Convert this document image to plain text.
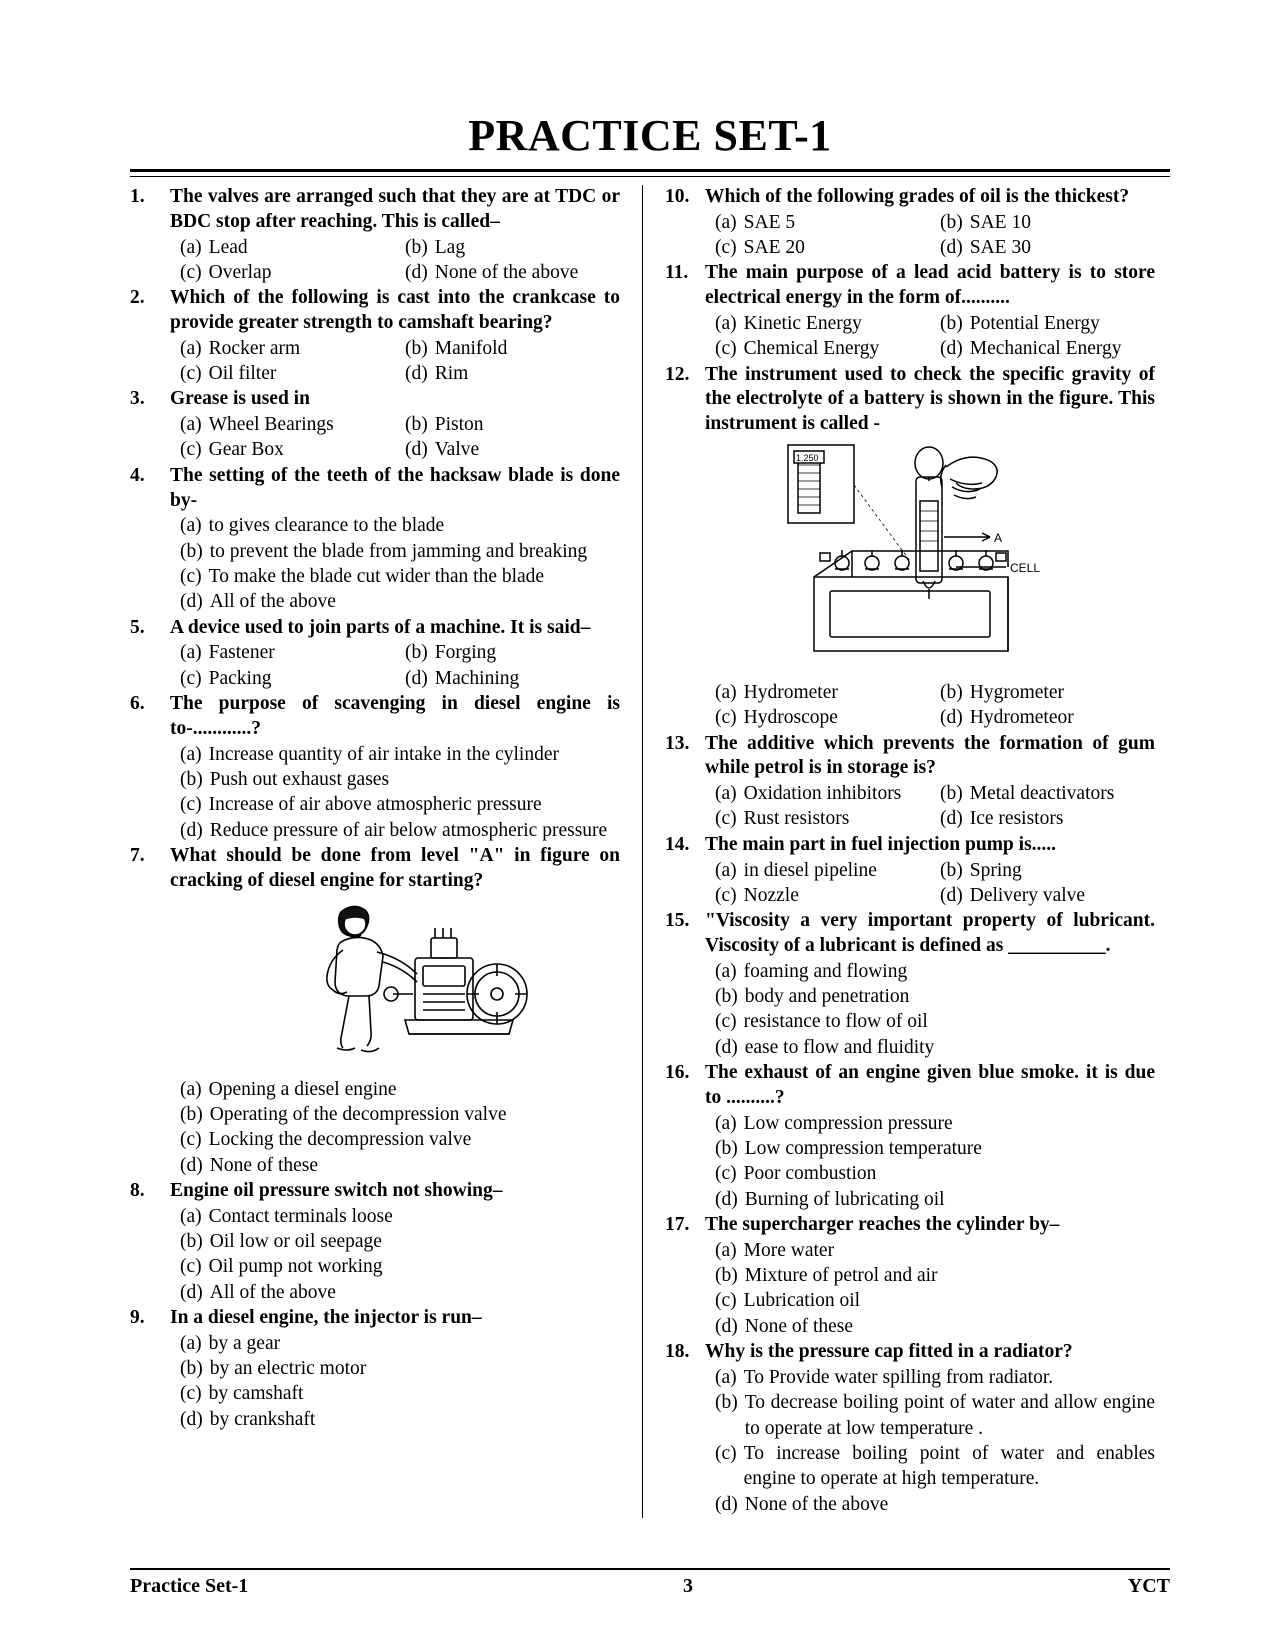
PRACTICE SET-1
1.	The valves are arranged such that they are at TDC or BDC stop after reaching. This is called–
(a) Lead	(b) Lag
(c) Overlap	(d) None of the above
2.	Which of the following is cast into the crankcase to provide greater strength to camshaft bearing?
(a) Rocker arm	(b) Manifold
(c) Oil filter	(d) Rim
3.	Grease is used in
(a) Wheel Bearings	(b) Piston
(c) Gear Box	(d) Valve
4.	The setting of the teeth of the hacksaw blade is done by-
(a) to gives clearance to the blade
(b) to prevent the blade from jamming and breaking
(c) To make the blade cut wider than the blade
(d) All of the above
5.	A device used to join parts of a machine. It is said–
(a) Fastener	(b) Forging
(c) Packing	(d) Machining
6.	The purpose of scavenging in diesel engine is to-............?
(a) Increase quantity of air intake in the cylinder
(b) Push out exhaust gases
(c) Increase of air above atmospheric pressure
(d) Reduce pressure of air below atmospheric pressure
7.	What should be done from level "A" in figure on cracking of diesel engine for starting?
(a) Opening a diesel engine
(b) Operating of the decompression valve
(c) Locking the decompression valve
(d) None of these
8.	Engine oil pressure switch not showing–
(a) Contact terminals loose
(b) Oil low or oil seepage
(c) Oil pump not working
(d) All of the above
9.	In a diesel engine, the injector is run–
(a) by a gear
(b) by an electric motor
(c) by camshaft
(d) by crankshaft
10. Which of the following grades of oil is the thickest?
(a) SAE 5	(b) SAE 10
(c) SAE 20	(d) SAE 30
11. The main purpose of a lead acid battery is to store electrical energy in the form of..........
(a) Kinetic Energy	(b) Potential Energy
(c) Chemical Energy	(d) Mechanical Energy
12. The instrument used to check the specific gravity of the electrolyte of a battery is shown in the figure. This instrument is called -
1.250
A
CELL
(a) Hydrometer	(b) Hygrometer
(c) Hydroscope	(d) Hydrometeor
13. The additive which prevents the formation of gum while petrol is in storage is?
(a) Oxidation inhibitors	(b) Metal deactivators
(c) Rust resistors	(d) Ice resistors
14. The main part in fuel injection pump is.....
(a) in diesel pipeline	(b) Spring
(c) Nozzle	(d) Delivery valve
15. "Viscosity a very important property of lubricant. Viscosity of a lubricant is defined as __________.
(a) foaming and flowing
(b) body and penetration
(c) resistance to flow of oil
(d) ease to flow and fluidity
16. The exhaust of an engine given blue smoke. it is due to ..........?
(a) Low compression pressure
(b) Low compression temperature
(c) Poor combustion
(d) Burning of lubricating oil
17. The supercharger reaches the cylinder by–
(a) More water
(b) Mixture of petrol and air
(c) Lubrication oil
(d) None of these
18. Why is the pressure cap fitted in a radiator?
(a) To Provide water spilling from radiator.
(b) To decrease boiling point of water and allow engine to operate at low temperature .
(c) To increase boiling point of water and enables engine to operate at high temperature.
(d) None of the above
Practice Set-1	3	YCT
